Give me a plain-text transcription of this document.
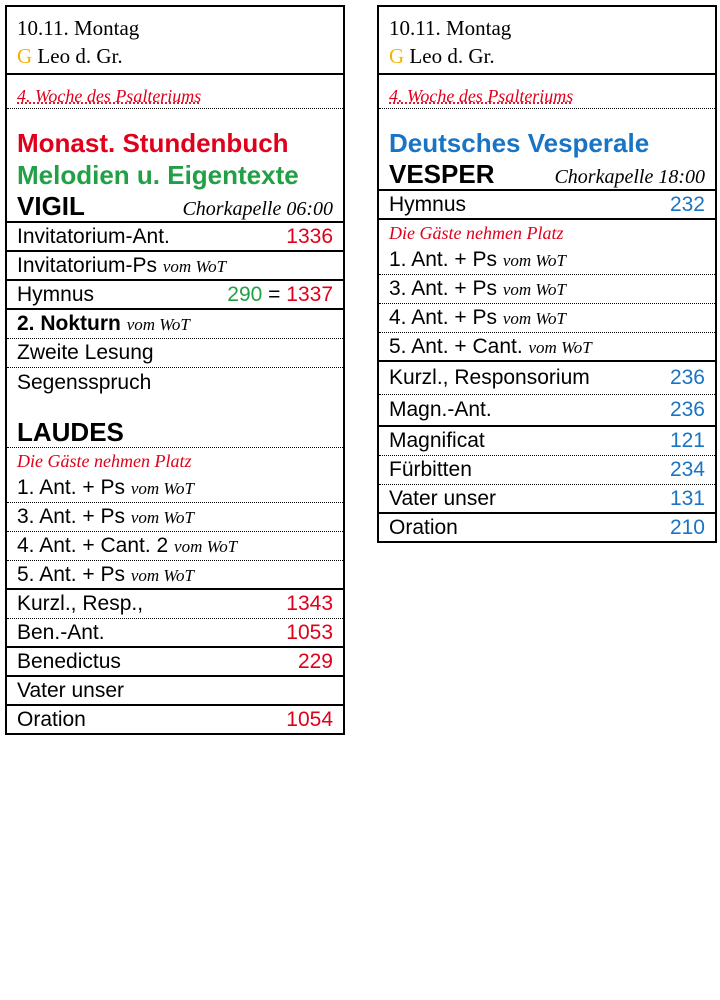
10.11. Montag
G Leo d. Gr.
4. Woche des Psalteriums
Monast. Stundenbuch
Melodien u. Eigentexte
VIGIL	Chorkapelle 06:00
Invitatorium-Ant.	1336
Invitatorium-Ps vom WoT
Hymnus	290 = 1337
2. Nokturn vom WoT
Zweite Lesung
Segensspruch
LAUDES
Die Gäste nehmen Platz
1. Ant. + Ps vom WoT
3. Ant. + Ps vom WoT
4. Ant. + Cant. 2 vom WoT
5. Ant. + Ps vom WoT
Kurzl., Resp.,	1343
Ben.-Ant.	1053
Benedictus	229
Vater unser
Oration	1054
10.11. Montag
G Leo d. Gr.
4. Woche des Psalteriums
Deutsches Vesperale
VESPER	Chorkapelle 18:00
Hymnus	232
Die Gäste nehmen Platz
1. Ant. + Ps vom WoT
3. Ant. + Ps vom WoT
4. Ant. + Ps vom WoT
5. Ant. + Cant. vom WoT
Kurzl., Responsorium	236
Magn.-Ant.	236
Magnificat	121
Fürbitten	234
Vater unser	131
Oration	210
